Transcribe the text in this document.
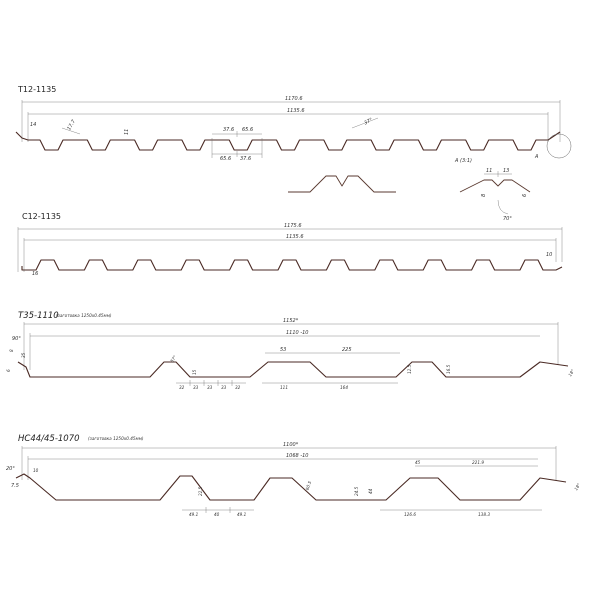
T12-1135
1170.6
1135.6
14	17.7
11	37.6 65.6
65.6 37.6
37°
A
A (3:1)
11 13
8	6
70°
C12-1135
1175.6
1135.6
16
10
T35-1110
(заготовка 1250х0.45мм)
1152*
1110 -10
90°
8
35
6
57°
53	225
15
32 33 33 33 32	111	164
12.5	16.5	18°
HC44/45-1070 (заготовка 1250х0.45мм)
1100*
1068 -10
20°	10
7.5
45	221.9
22.5
49.1	40	49.1
60.5
24.5 44
126.6	138.3
18°
